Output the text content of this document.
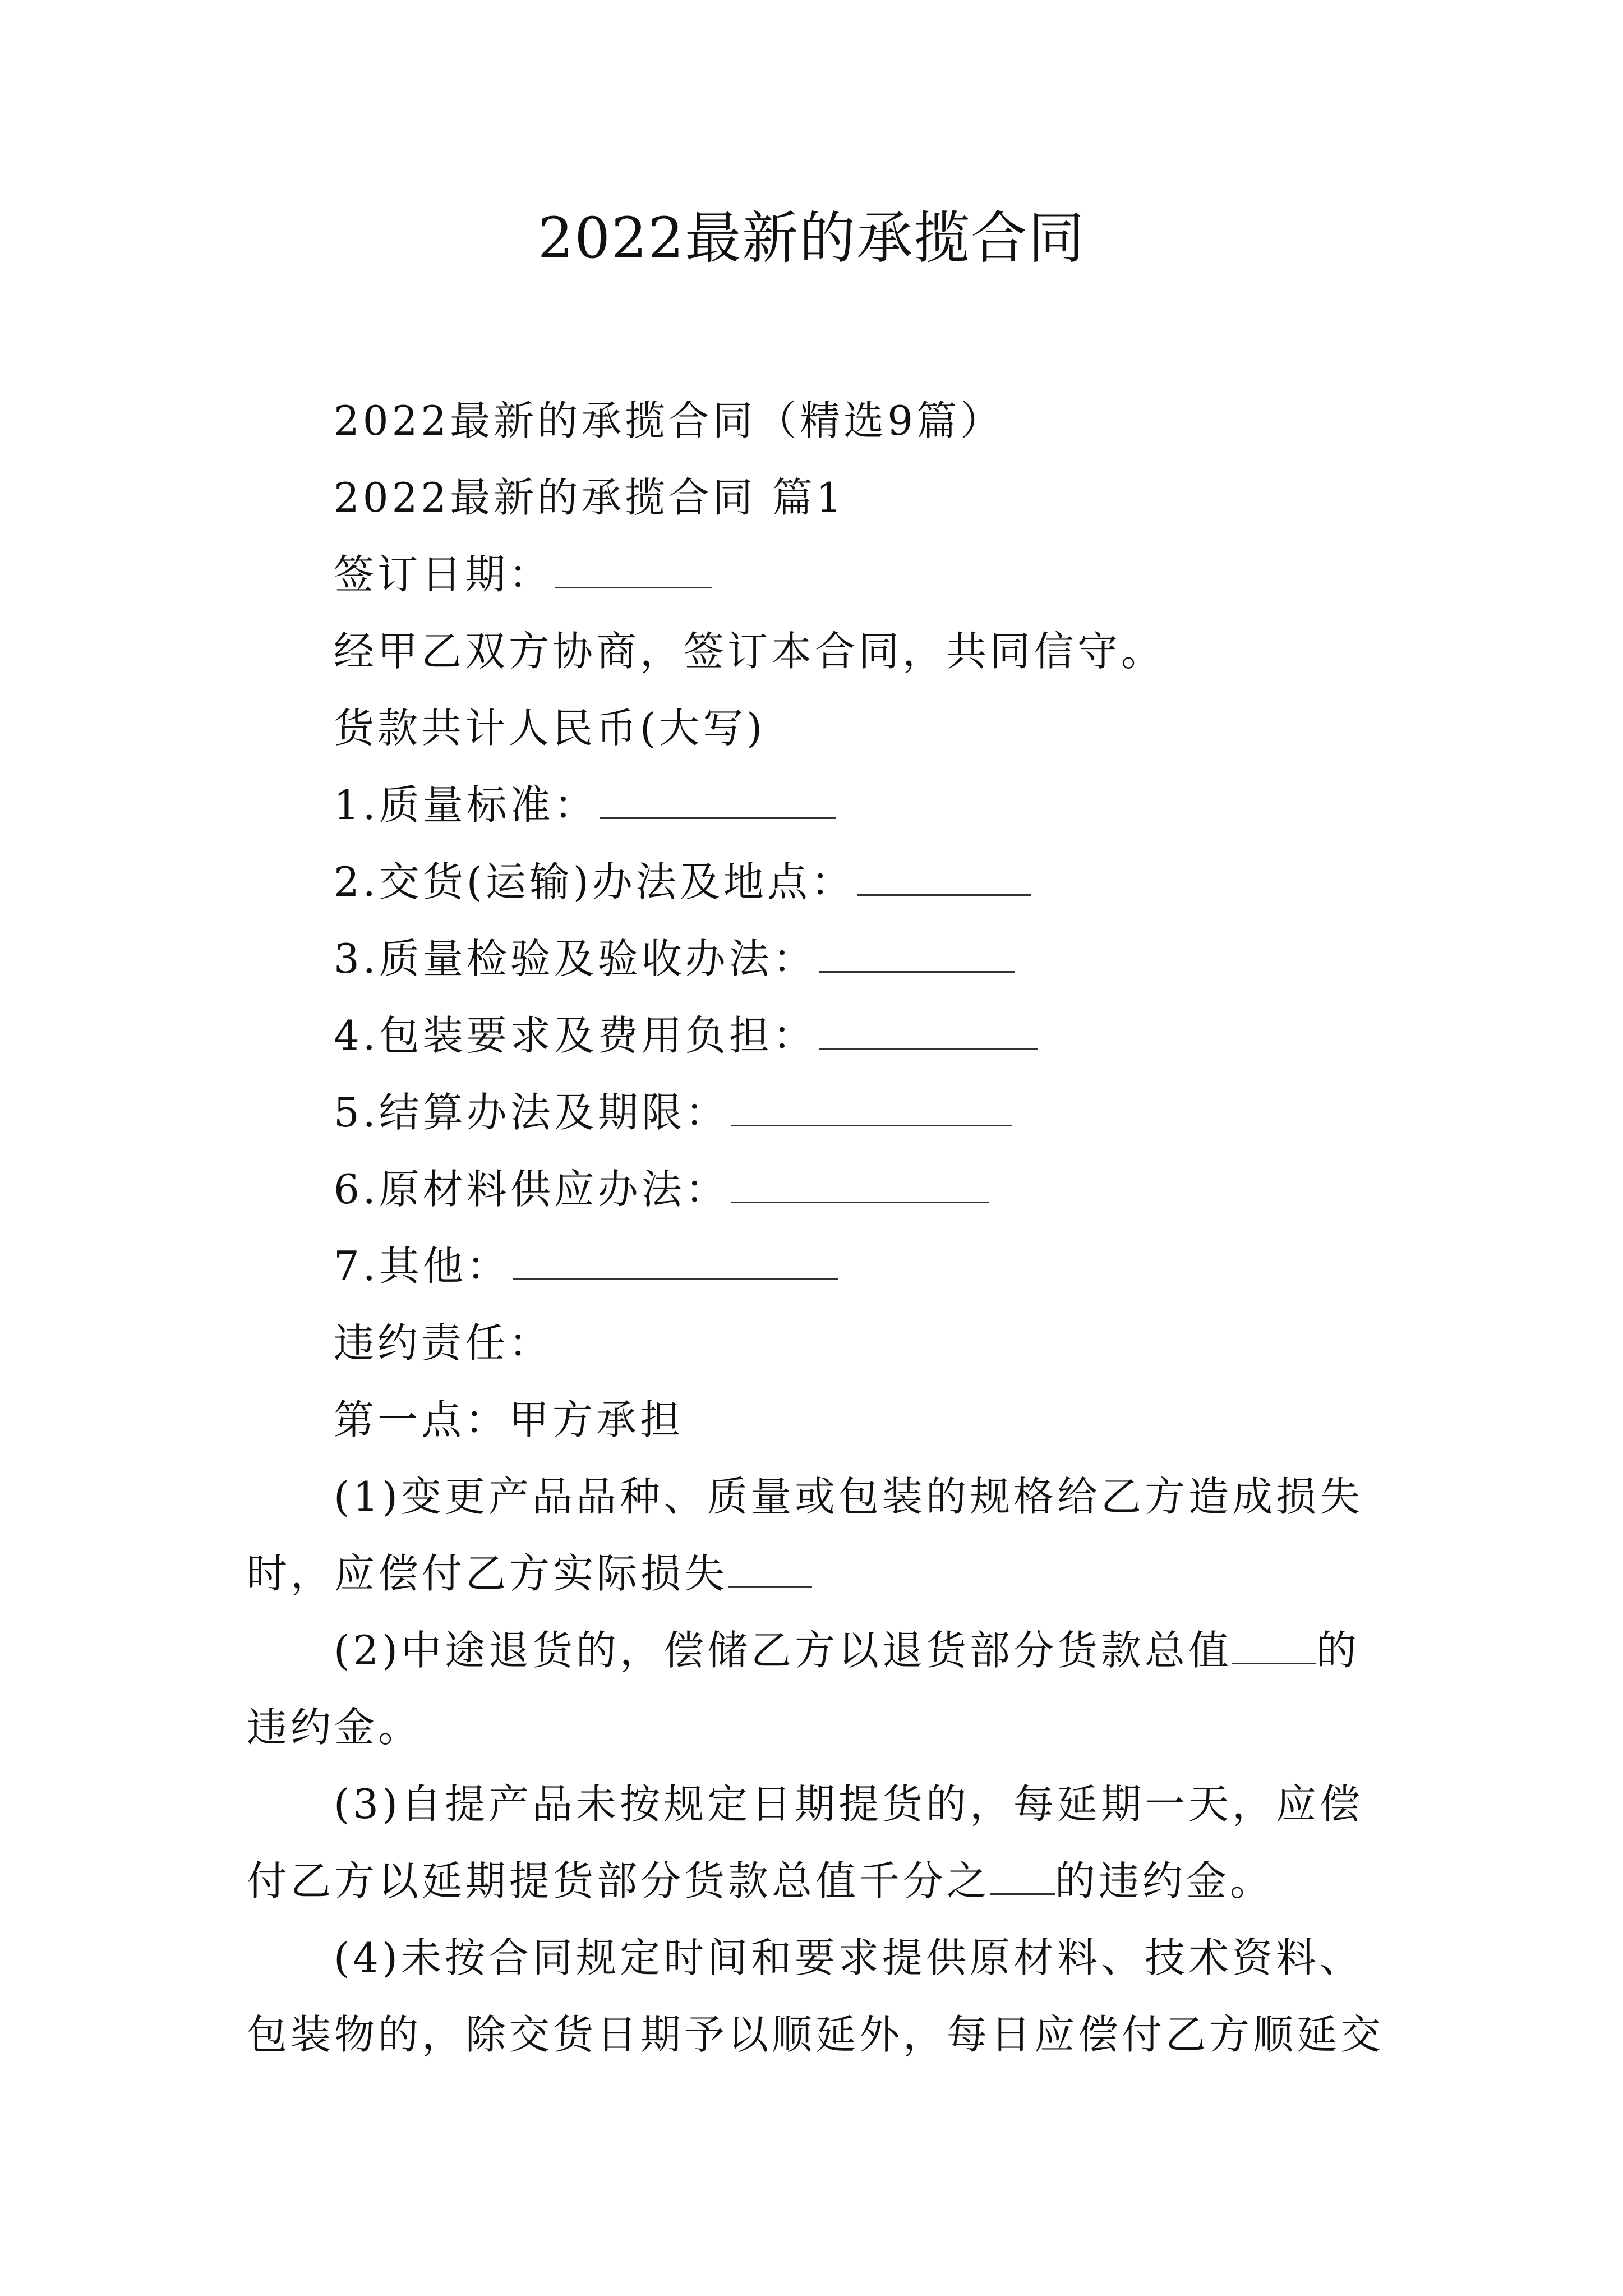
2022最新的承揽合同
2022最新的承揽合同（精选9篇）
2022最新的承揽合同 篇1
签订日期：
经甲乙双方协商，签订本合同，共同信守。
货款共计人民币(大写)
1.质量标准：
2.交货(运输)办法及地点：
3.质量检验及验收办法：
4.包装要求及费用负担：
5.结算办法及期限：
6.原材料供应办法：
7.其他：
违约责任：
第一点：甲方承担
(1)变更产品品种、质量或包装的规格给乙方造成损失
时，应偿付乙方实际损失
(2)中途退货的，偿储乙方以退货部分货款总值 的
违约金。
(3)自提产品未按规定日期提货的，每延期一天，应偿
付乙方以延期提货部分货款总值千分之 的违约金。
(4)未按合同规定时间和要求提供原材料、技术资料、
包装物的，除交货日期予以顺延外，每日应偿付乙方顺延交
